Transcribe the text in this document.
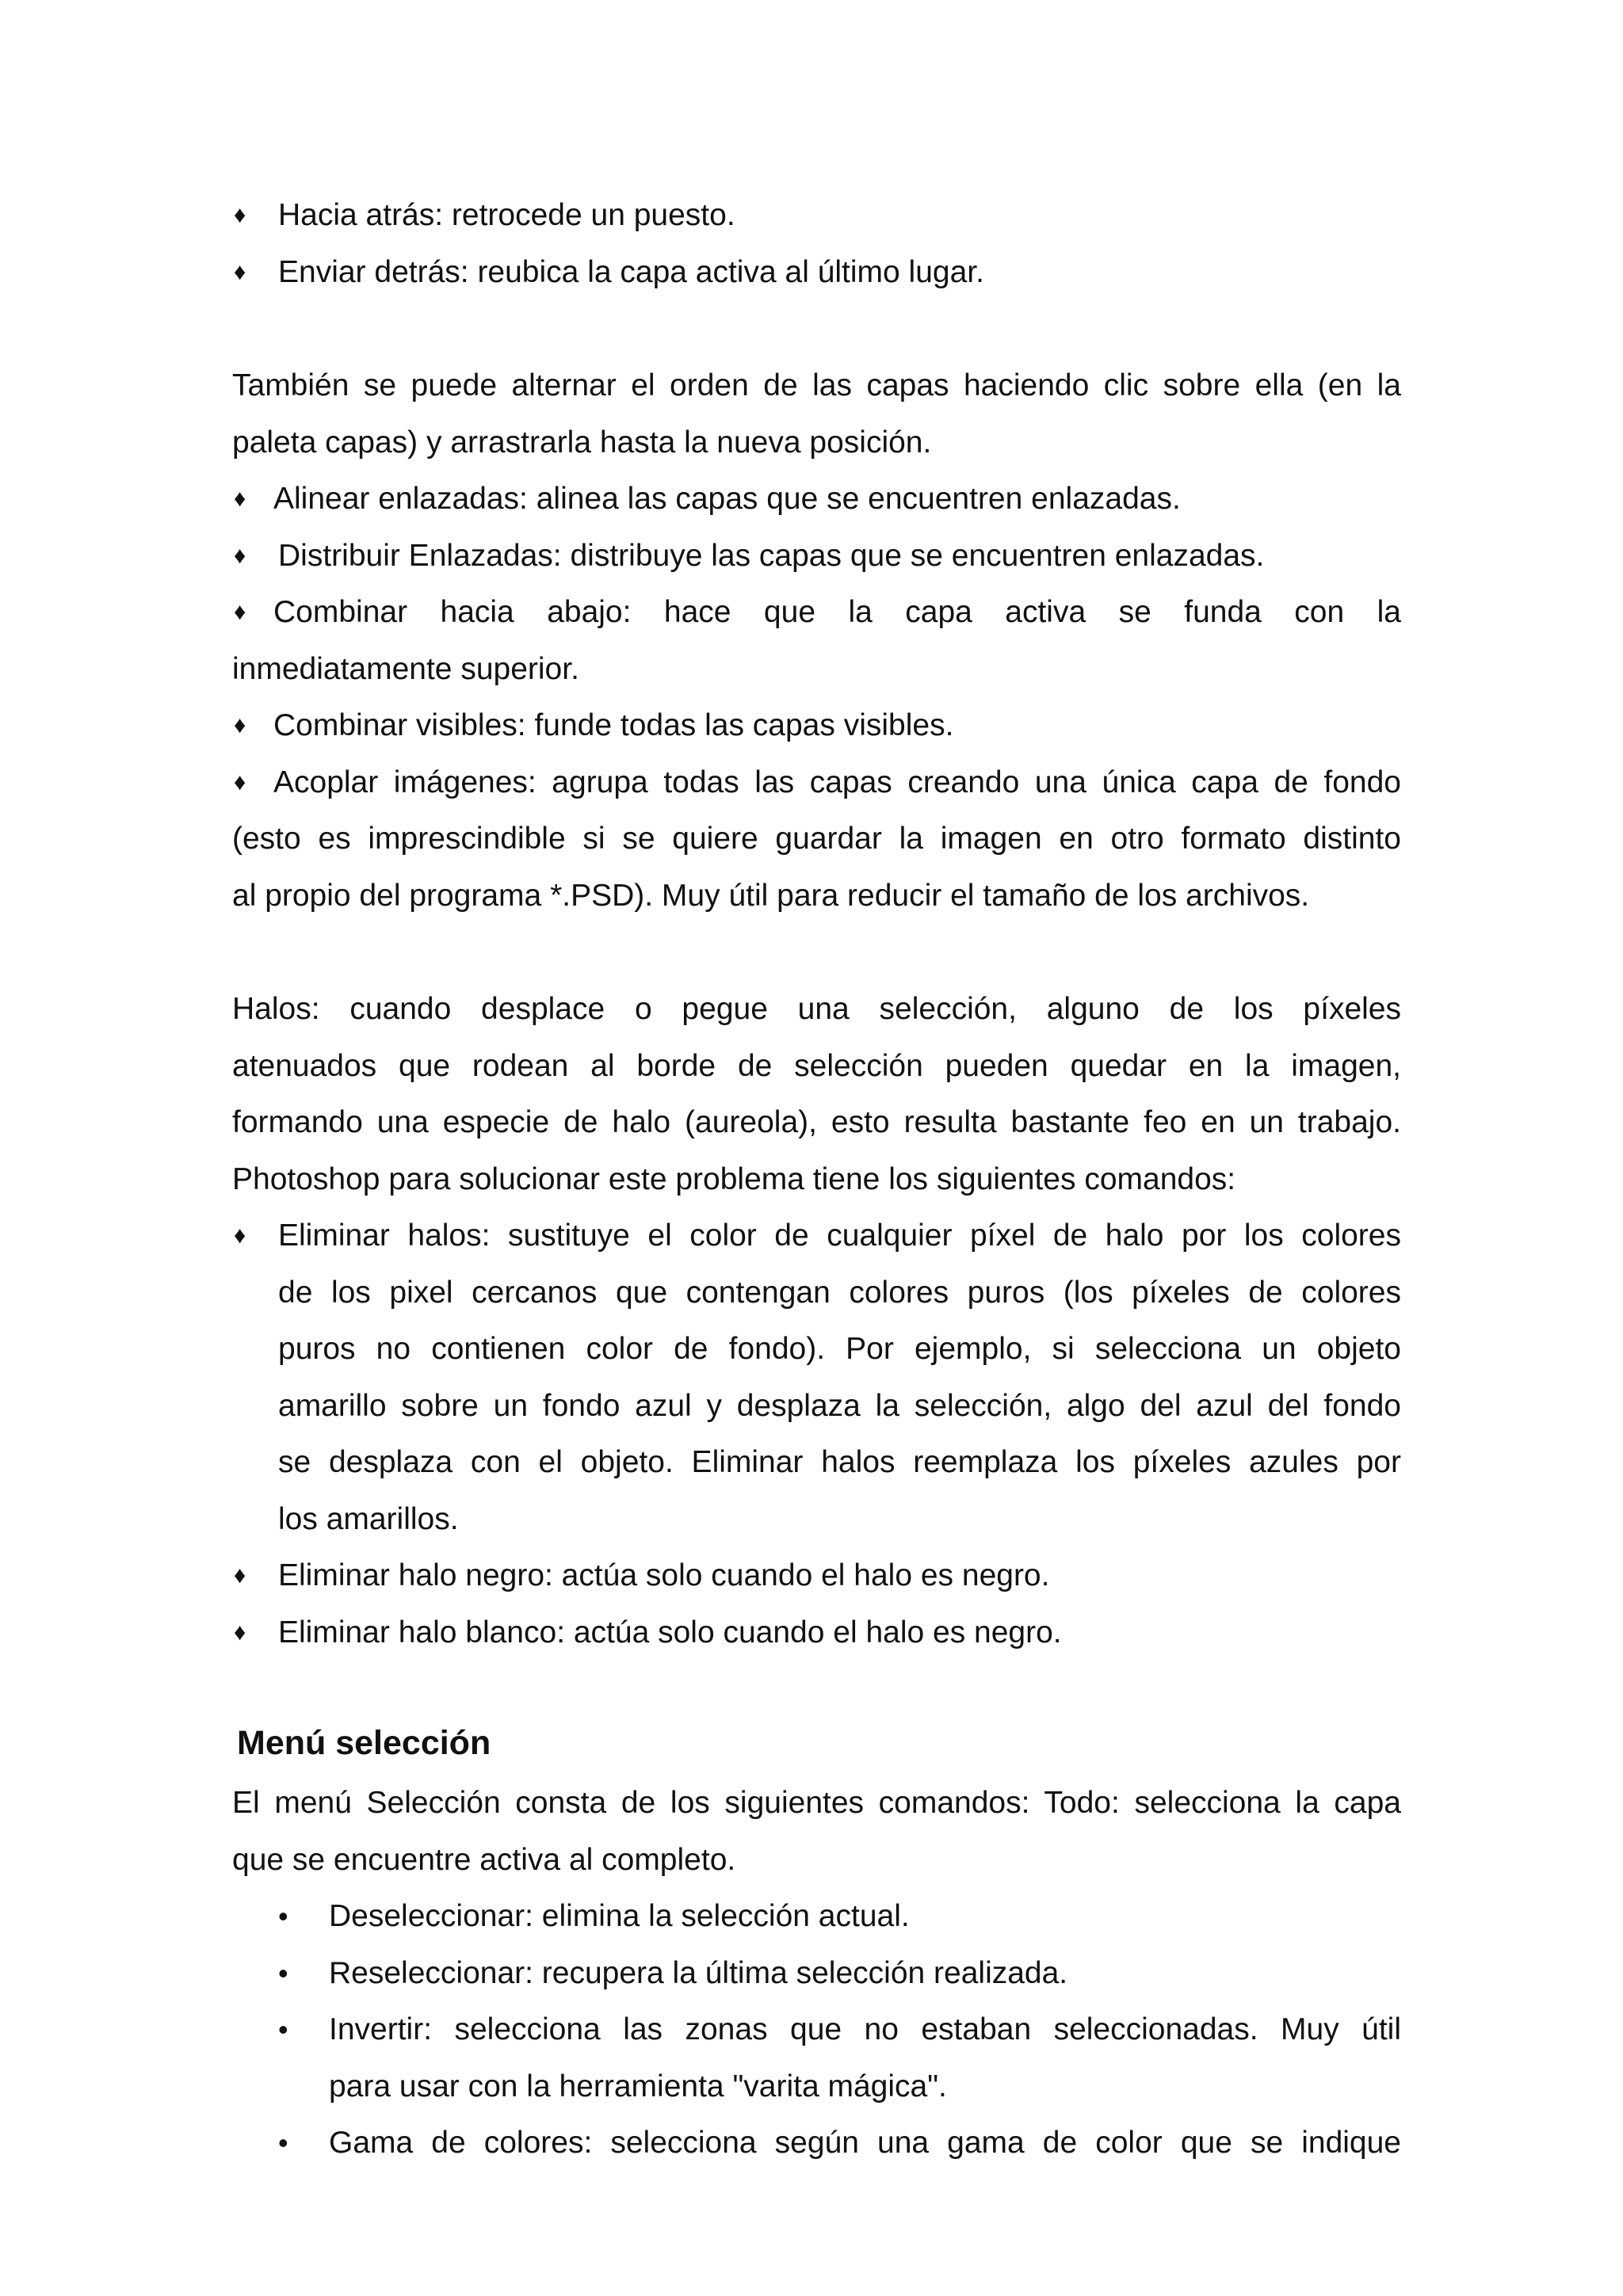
♦	Hacia atrás: retrocede un puesto.
♦	Enviar detrás: reubica la capa activa al último lugar.
También se puede alternar el orden de las capas haciendo clic sobre ella (en la
paleta capas) y arrastrarla hasta la nueva posición.
♦ Alinear enlazadas: alinea las capas que se encuentren enlazadas.
♦	Distribuir Enlazadas: distribuye las capas que se encuentren enlazadas.
♦ Combinar hacia abajo: hace que la capa activa se funda con la
inmediatamente superior.
♦ Combinar visibles: funde todas las capas visibles.
♦ Acoplar imágenes: agrupa todas las capas creando una única capa de fondo
(esto es imprescindible si se quiere guardar la imagen en otro formato distinto
al propio del programa *.PSD). Muy útil para reducir el tamaño de los archivos.
Halos: cuando desplace o pegue una selección, alguno de los píxeles
atenuados que rodean al borde de selección pueden quedar en la imagen,
formando una especie de halo (aureola), esto resulta bastante feo en un trabajo.
Photoshop para solucionar este problema tiene los siguientes comandos:
♦	Eliminar halos: sustituye el color de cualquier píxel de halo por los colores
de los pixel cercanos que contengan colores puros (los píxeles de colores
puros no contienen color de fondo). Por ejemplo, si selecciona un objeto
amarillo sobre un fondo azul y desplaza la selección, algo del azul del fondo
se desplaza con el objeto. Eliminar halos reemplaza los píxeles azules por
los amarillos.
♦	Eliminar halo negro: actúa solo cuando el halo es negro.
♦	Eliminar halo blanco: actúa solo cuando el halo es negro.
Menú selección
El menú Selección consta de los siguientes comandos: Todo: selecciona la capa
que se encuentre activa al completo.
•	Deseleccionar: elimina la selección actual.
•	Reseleccionar: recupera la última selección realizada.
•	Invertir: selecciona las zonas que no estaban seleccionadas. Muy útil
para usar con la herramienta "varita mágica".
•	Gama de colores: selecciona según una gama de color que se indique
